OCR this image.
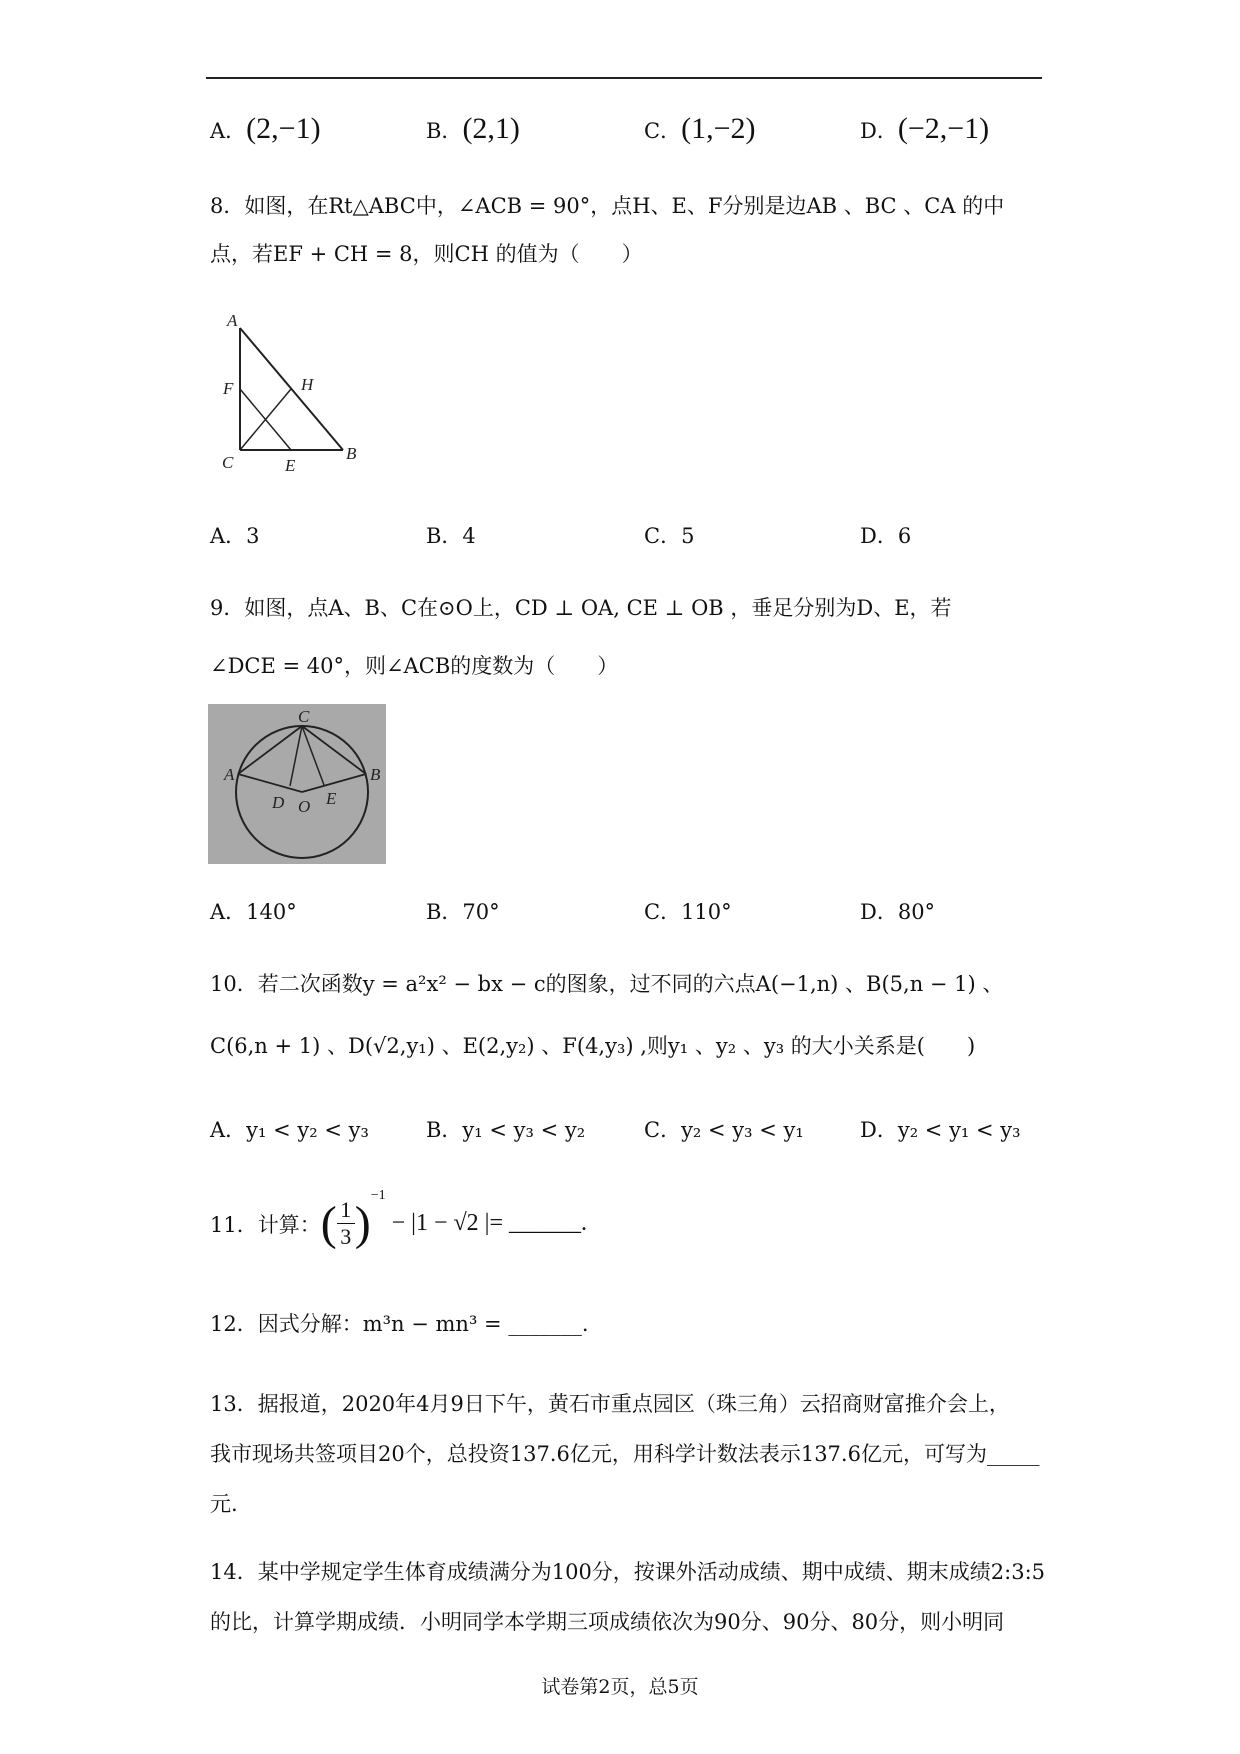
A．(2,−1)	B．(2,1)	C．(1,−2)	D．(−2,−1)
8．如图，在Rt△ABC中，∠ACB = 90°，点H、E、F分别是边AB 、BC 、CA 的中
点，若EF + CH = 8，则CH 的值为（　　）
A
F	H
C	E
B
A．3	B．4	C．5	D．6
9．如图，点A、B、C在⊙O上，CD ⊥ OA, CE ⊥ OB ，垂足分别为D、E，若
∠DCE = 40°，则∠ACB的度数为（　　）
C
A	B
D O E
A．140°	B．70°	C．110°	D．80°
10．若二次函数y = a²x² − bx − c的图象，过不同的六点A(−1,n) 、B(5,n − 1) 、
C(6,n + 1) 、D(√2,y₁) 、E(2,y₂) 、F(4,y₃) ,则y₁ 、y₂ 、y₃ 的大小关系是(　　)
A．y₁ < y₂ < y₃	B．y₁ < y₃ < y₂	C．y₂ < y₃ < y₁	D．y₂ < y₁ < y₃
11．计算： ( 1
3 )
−1
− |1 − √2 |= ______.
12．因式分解：m³n − mn³ = _______.
13．据报道，2020年4月9日下午，黄石市重点园区（珠三角）云招商财富推介会上，
我市现场共签项目20个，总投资137.6亿元，用科学计数法表示137.6亿元，可写为_____
元.
14．某中学规定学生体育成绩满分为100分，按课外活动成绩、期中成绩、期末成绩2:3:5
的比，计算学期成绩．小明同学本学期三项成绩依次为90分、90分、80分，则小明同
试卷第2页，总5页
